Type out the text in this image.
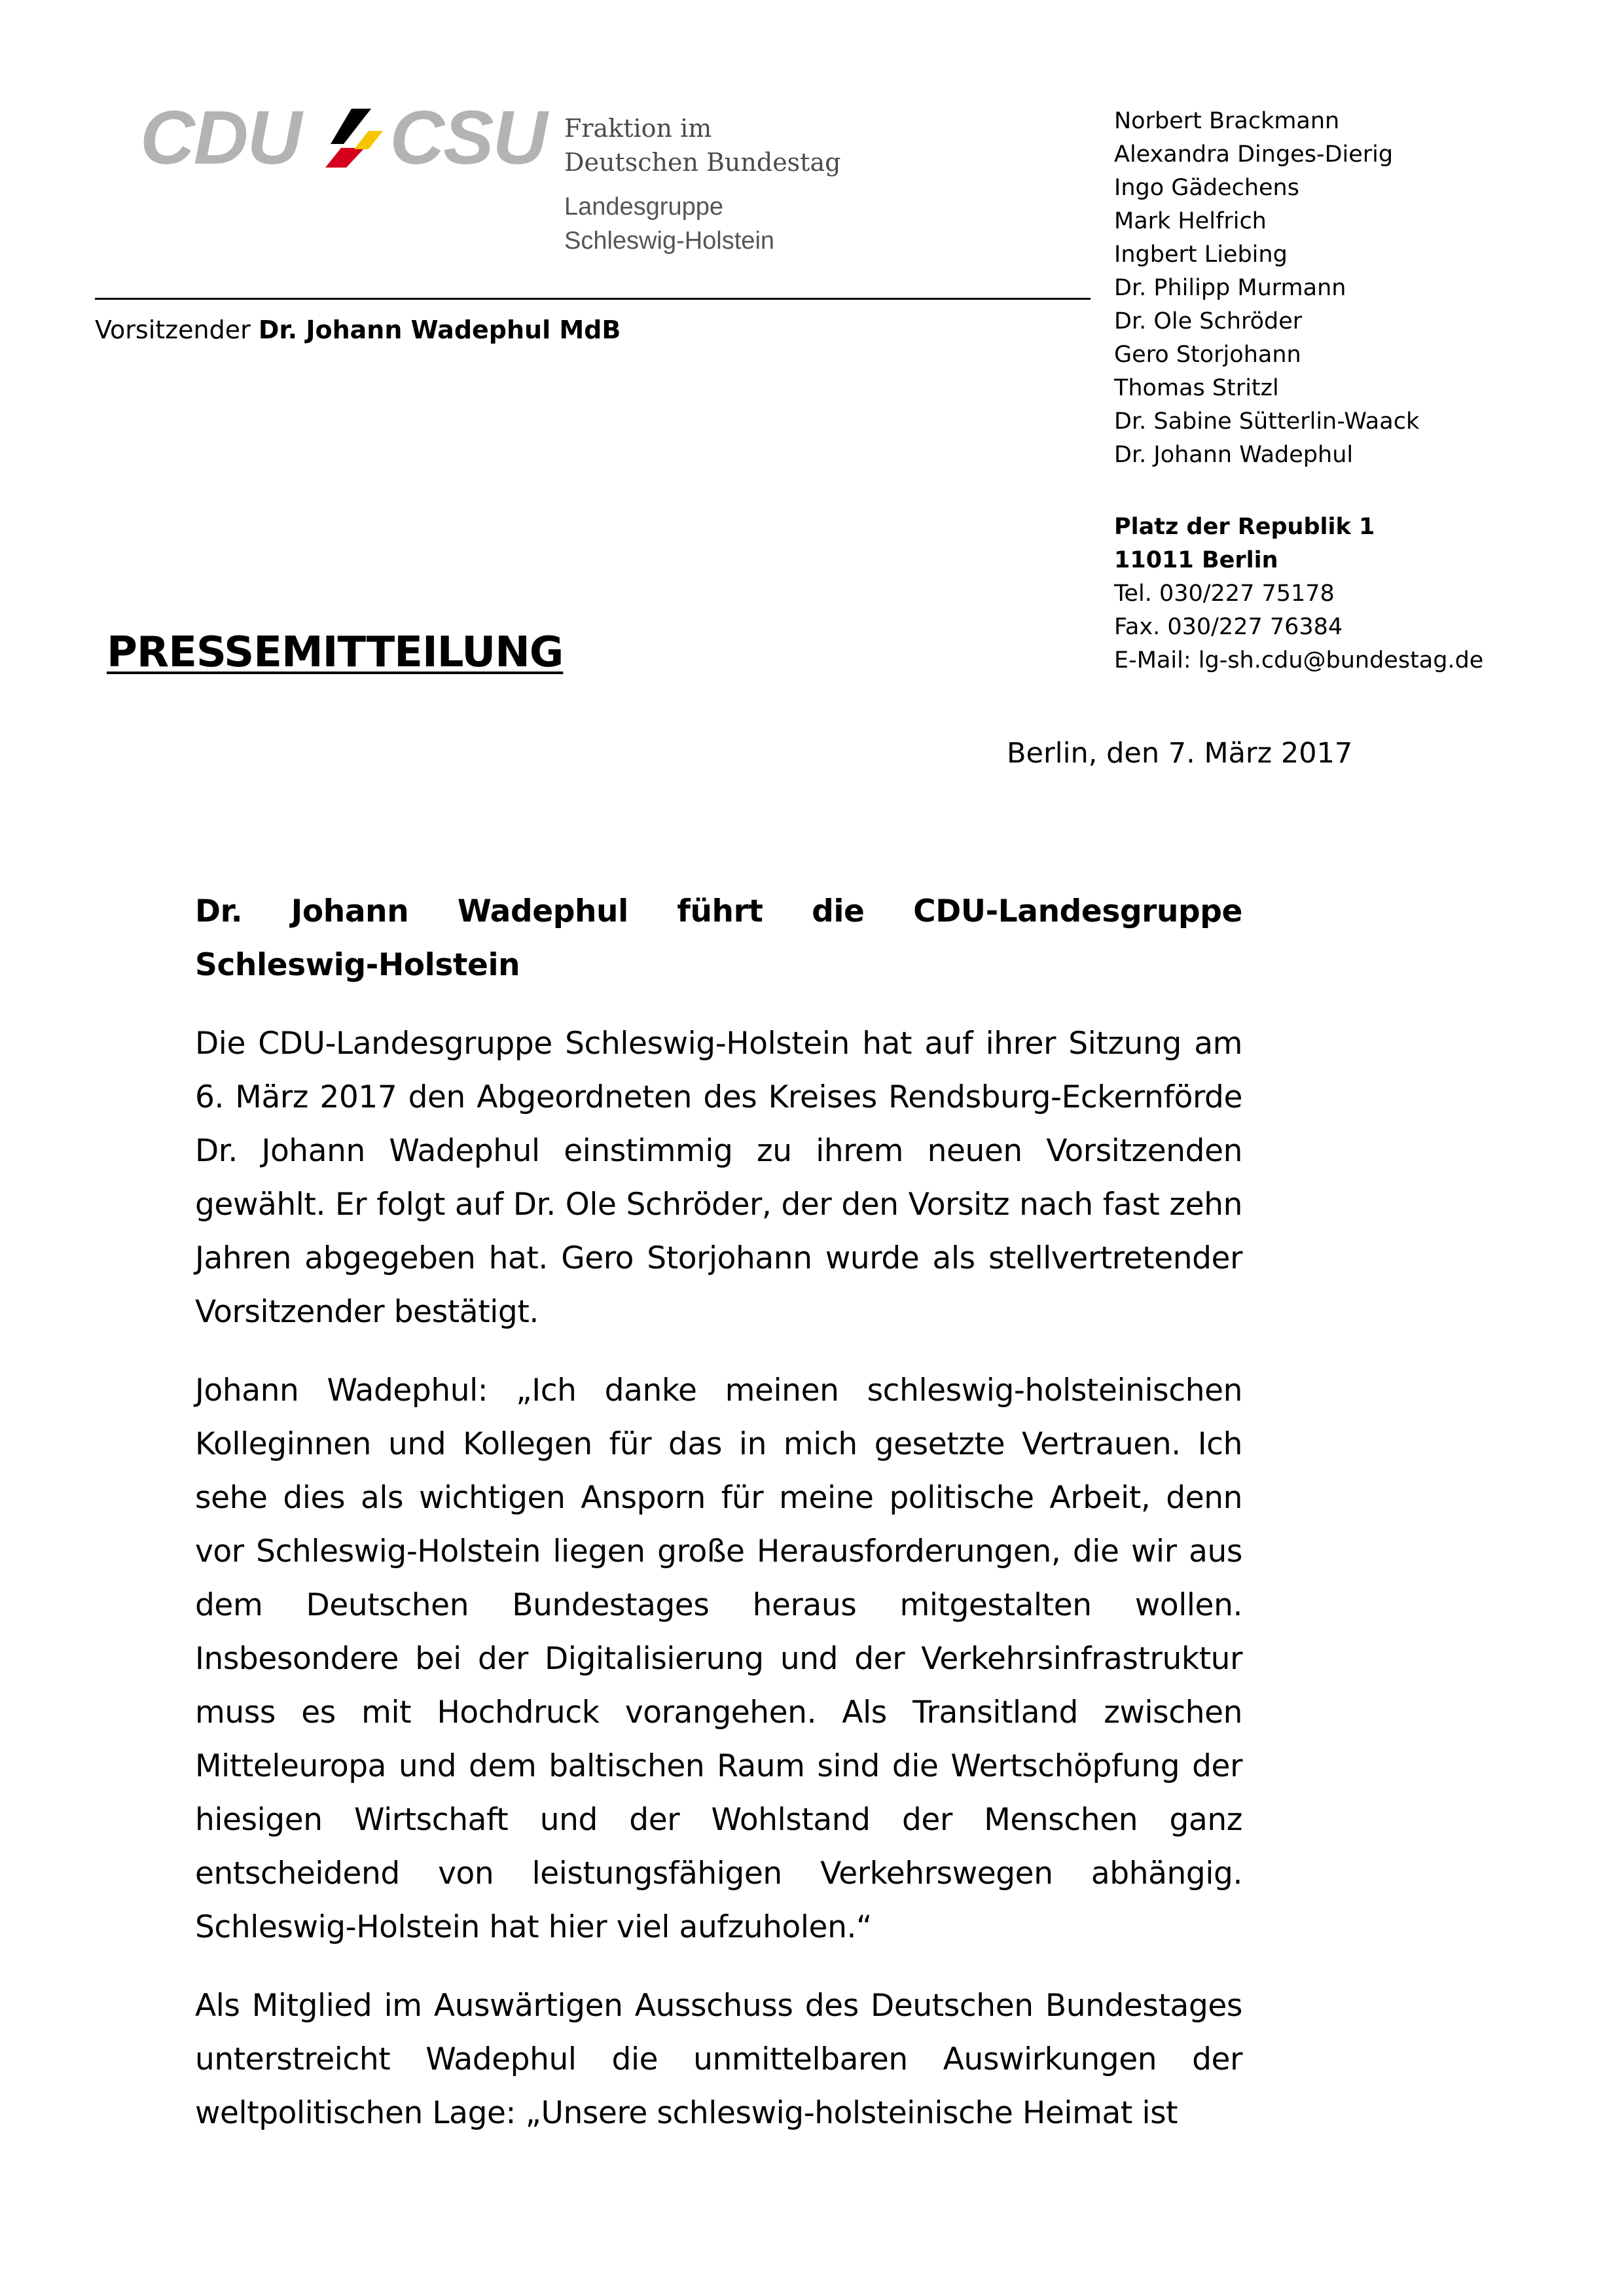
CDU CSU Fraktion im
Deutschen Bundestag
Landesgruppe
Schleswig-Holstein
Vorsitzender Dr. Johann Wadephul MdB
Norbert Brackmann
Alexandra Dinges-Dierig
Ingo Gädechens
Mark Helfrich
Ingbert Liebing
Dr. Philipp Murmann
Dr. Ole Schröder
Gero Storjohann
Thomas Stritzl
Dr. Sabine Sütterlin-Waack
Dr. Johann Wadephul
Platz der Republik 1
11011 Berlin
Tel. 030/227 75178
Fax. 030/227 76384
E-Mail: lg-sh.cdu@bundestag.de
PRESSEMITTEILUNG
Berlin, den 7. März 2017
Dr. Johann Wadephul führt die CDU-Landesgruppe Schleswig-Holstein

Die CDU-Landesgruppe Schleswig-Holstein hat auf ihrer Sitzung am 6. März 2017 den Abgeordneten des Kreises Rendsburg-Eckernförde Dr. Johann Wadephul einstimmig zu ihrem neuen Vorsitzenden gewählt. Er folgt auf Dr. Ole Schröder, der den Vorsitz nach fast zehn Jahren abgegeben hat. Gero Storjohann wurde als stellvertretender Vorsitzender bestätigt.

Johann Wadephul: „Ich danke meinen schleswig-holsteinischen Kolleginnen und Kollegen für das in mich gesetzte Vertrauen. Ich sehe dies als wichtigen Ansporn für meine politische Arbeit, denn vor Schleswig-Holstein liegen große Herausforderungen, die wir aus dem Deutschen Bundestages heraus mitgestalten wollen. Insbesondere bei der Digitalisierung und der Verkehrsinfrastruktur muss es mit Hochdruck vorangehen. Als Transitland zwischen Mitteleuropa und dem baltischen Raum sind die Wertschöpfung der hiesigen Wirtschaft und der Wohlstand der Menschen ganz entscheidend von leistungsfähigen Verkehrswegen abhängig. Schleswig-Holstein hat hier viel aufzuholen.“

Als Mitglied im Auswärtigen Ausschuss des Deutschen Bundestages unterstreicht Wadephul die unmittelbaren Auswirkungen der weltpolitischen Lage: „Unsere schleswig-holsteinische Heimat ist
